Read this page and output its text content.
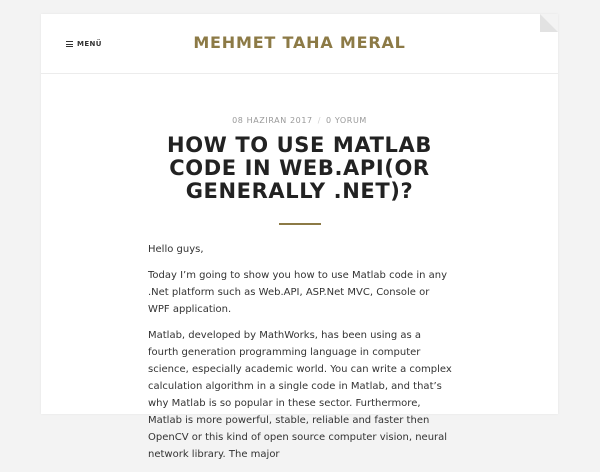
MENÜ	MEHMET TAHA MERAL
08 HAZIRAN 2017 / 0 YORUM
HOW TO USE MATLAB CODE IN WEB.API(OR GENERALLY .NET)?

Hello guys,

Today I’m going to show you how to use Matlab code in any .Net platform such as Web.API, ASP.Net MVC, Console or WPF application.

Matlab, developed by MathWorks, has been using as a fourth generation programming language in computer science, especially academic world. You can write a complex calculation algorithm in a single code in Matlab, and that’s why Matlab is so popular in these sector. Furthermore, Matlab is more powerful, stable, reliable and faster then OpenCV or this kind of open source computer vision, neural network library. The major
